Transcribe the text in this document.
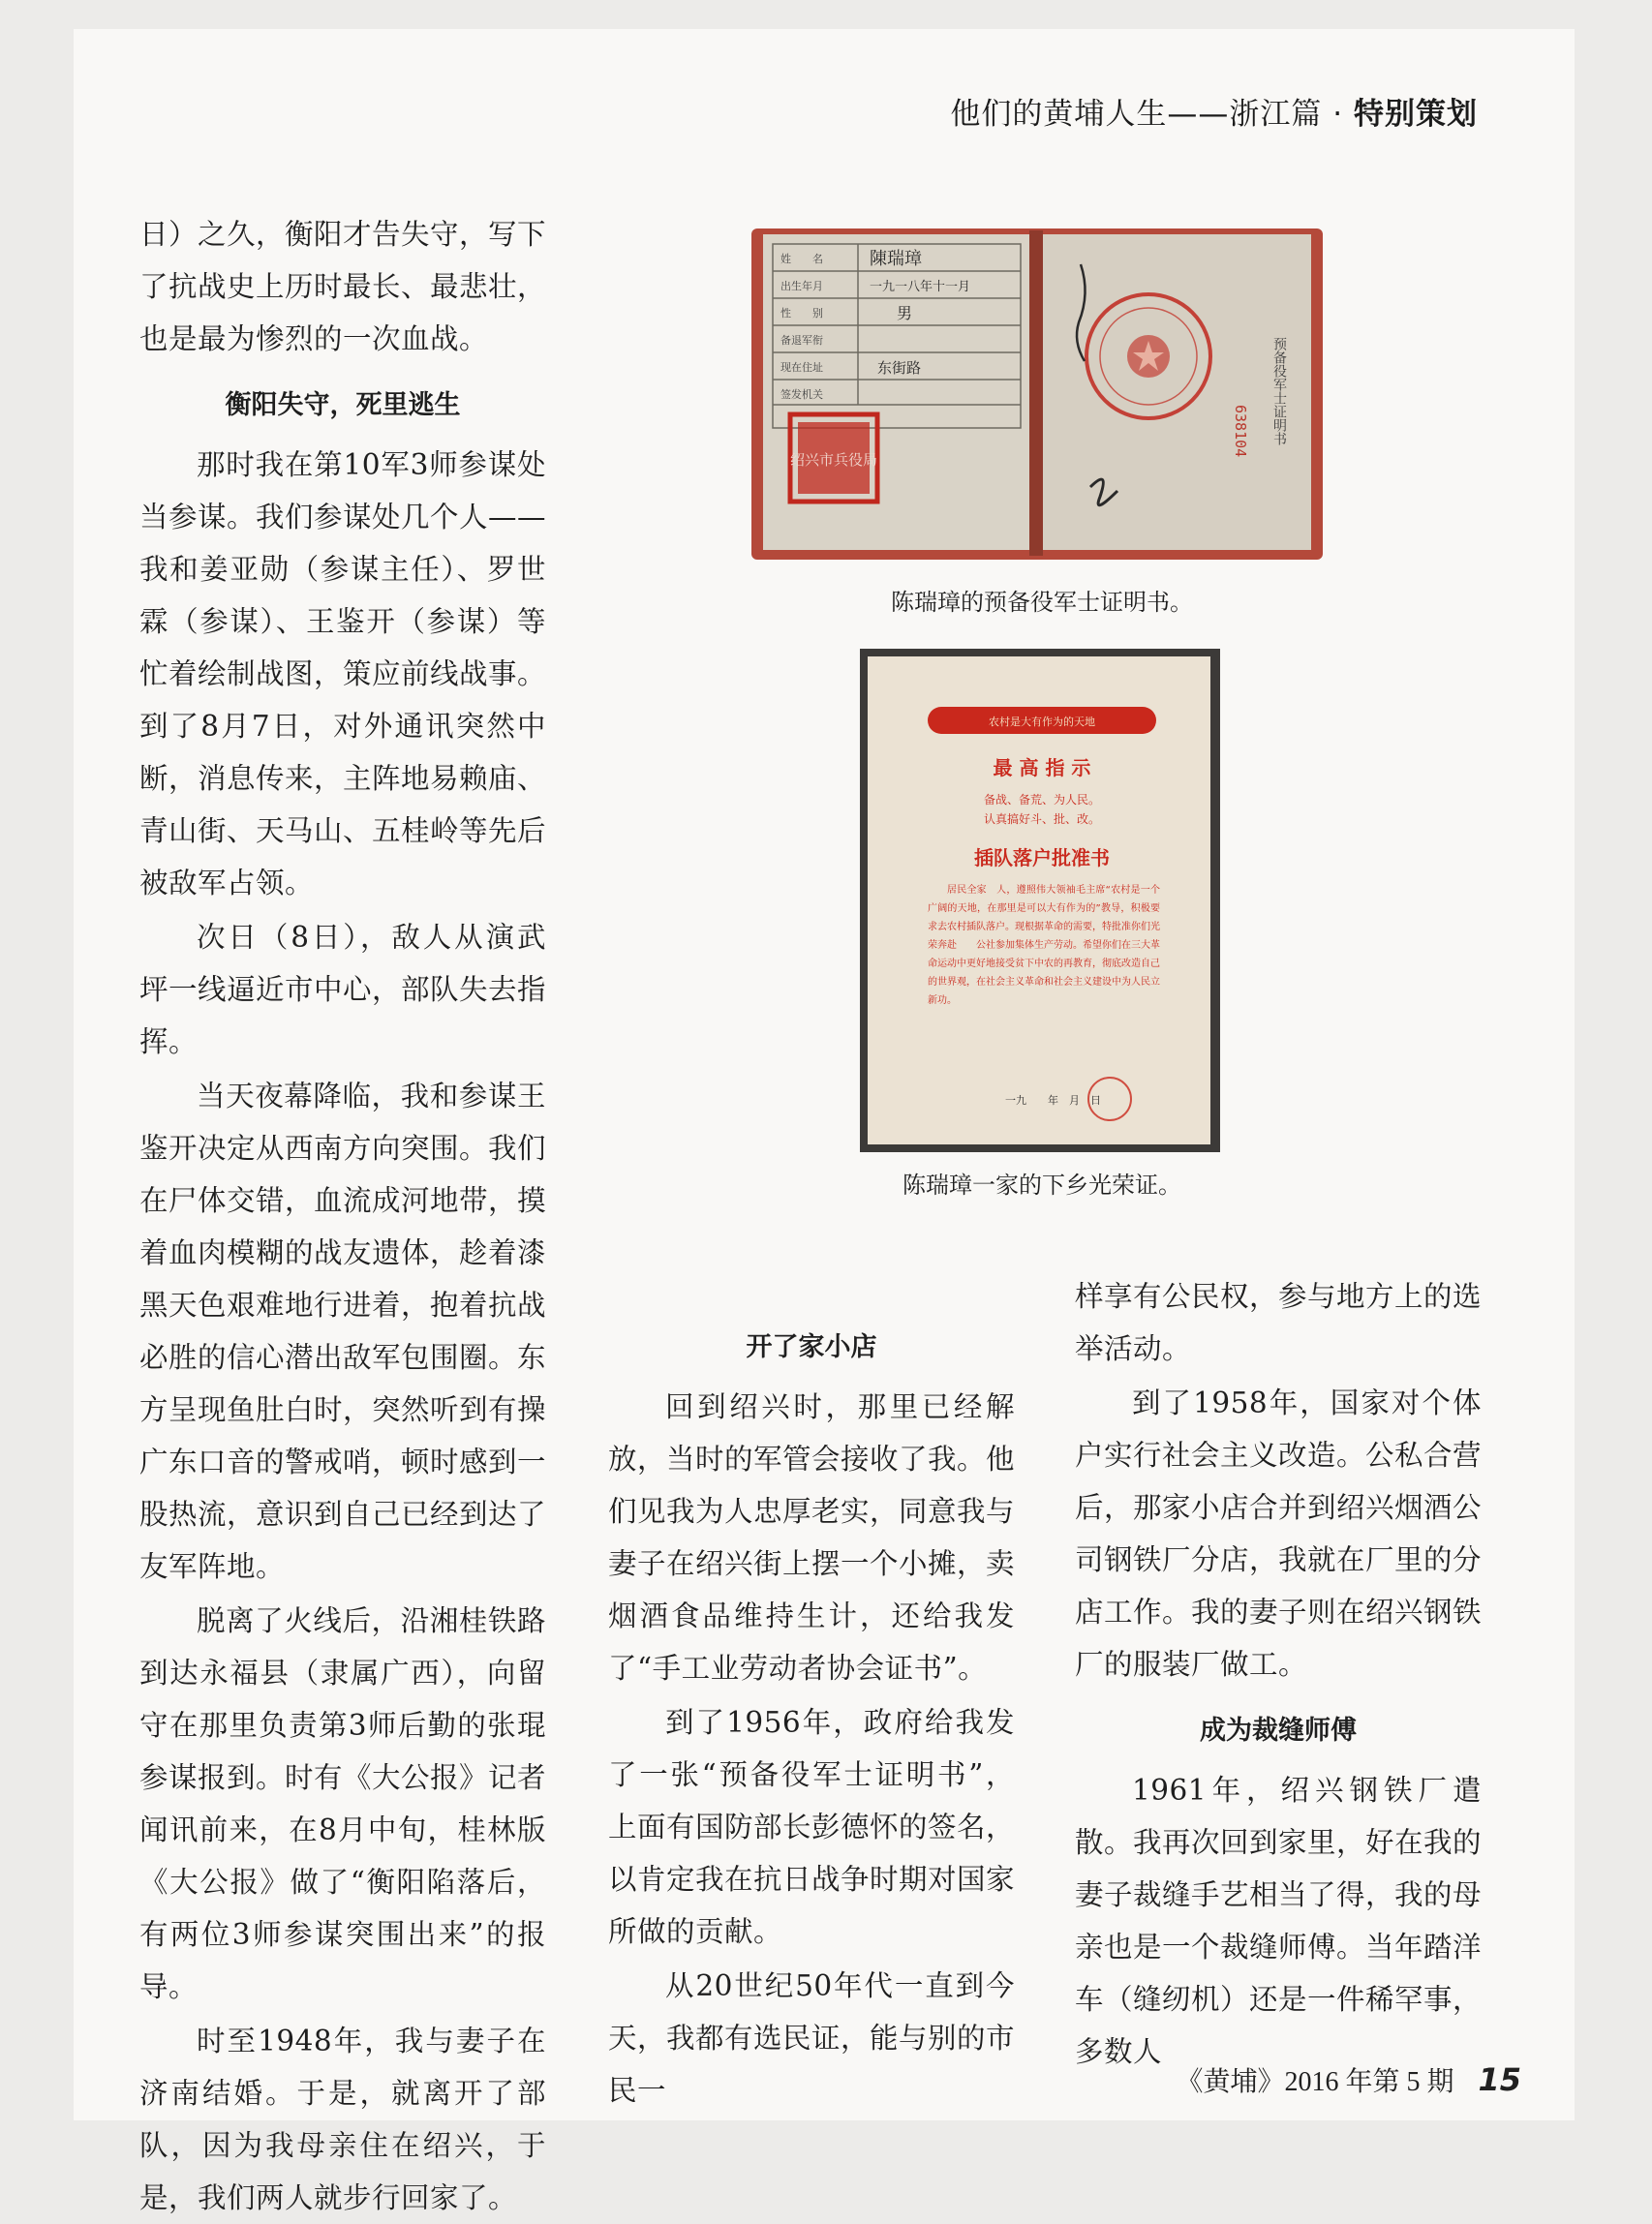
他们的黄埔人生——浙江篇 · 特别策划

日）之久，衡阳才告失守，写下了抗战史上历时最长、最悲壮，也是最为惨烈的一次血战。

衡阳失守，死里逃生

那时我在第10军3师参谋处当参谋。我们参谋处几个人——我和姜亚勋（参谋主任）、罗世霖（参谋）、王鉴开（参谋）等忙着绘制战图，策应前线战事。到了8月7日，对外通讯突然中断，消息传来，主阵地易赖庙、青山街、天马山、五桂岭等先后被敌军占领。

次日（8日），敌人从演武坪一线逼近市中心，部队失去指挥。

当天夜幕降临，我和参谋王鉴开决定从西南方向突围。我们在尸体交错，血流成河地带，摸着血肉模糊的战友遗体，趁着漆黑天色艰难地行进着，抱着抗战必胜的信心潜出敌军包围圈。东方呈现鱼肚白时，突然听到有操广东口音的警戒哨，顿时感到一股热流，意识到自己已经到达了友军阵地。

脱离了火线后，沿湘桂铁路到达永福县（隶属广西），向留守在那里负责第3师后勤的张琨参谋报到。时有《大公报》记者闻讯前来，在8月中旬，桂林版《大公报》做了“衡阳陷落后，有两位3师参谋突围出来”的报导。

时至1948年，我与妻子在济南结婚。于是，就离开了部队，因为我母亲住在绍兴，于是，我们两人就步行回家了。

姓　　名
出生年月
性　　别
备退军衔
现在住址
签发机关
陳瑞璋
一九一八年十一月
男
东街路
绍兴市兵役局
预备役军士证明书
638104
陈瑞璋的预备役军士证明书。
农村是大有作为的天地
最 高 指 示
备战、备荒、为人民。
认真搞好斗、批、改。
插队落户批准书
居民全家　人，遵照伟大领袖毛主席“农村是一个广阔的天地，在那里是可以大有作为的”教导，积极要求去农村插队落户。现根据革命的需要，特批准你们光荣奔赴　　公社参加集体生产劳动。希望你们在三大革命运动中更好地接受贫下中农的再教育，彻底改造自己的世界观，在社会主义革命和社会主义建设中为人民立新功。
一九　　年　月　日
陈瑞璋一家的下乡光荣证。
开了家小店

回到绍兴时，那里已经解放，当时的军管会接收了我。他们见我为人忠厚老实，同意我与妻子在绍兴街上摆一个小摊，卖烟酒食品维持生计，还给我发了“手工业劳动者协会证书”。

到了1956年，政府给我发了一张“预备役军士证明书”，上面有国防部长彭德怀的签名，以肯定我在抗日战争时期对国家所做的贡献。

从20世纪50年代一直到今天，我都有选民证，能与别的市民一

样享有公民权，参与地方上的选举活动。

到了1958年，国家对个体户实行社会主义改造。公私合营后，那家小店合并到绍兴烟酒公司钢铁厂分店，我就在厂里的分店工作。我的妻子则在绍兴钢铁厂的服装厂做工。

成为裁缝师傅

1961年，绍兴钢铁厂遣散。我再次回到家里，好在我的妻子裁缝手艺相当了得，我的母亲也是一个裁缝师傅。当年踏洋车（缝纫机）还是一件稀罕事，多数人

《黄埔》2016 年第 5 期 15
